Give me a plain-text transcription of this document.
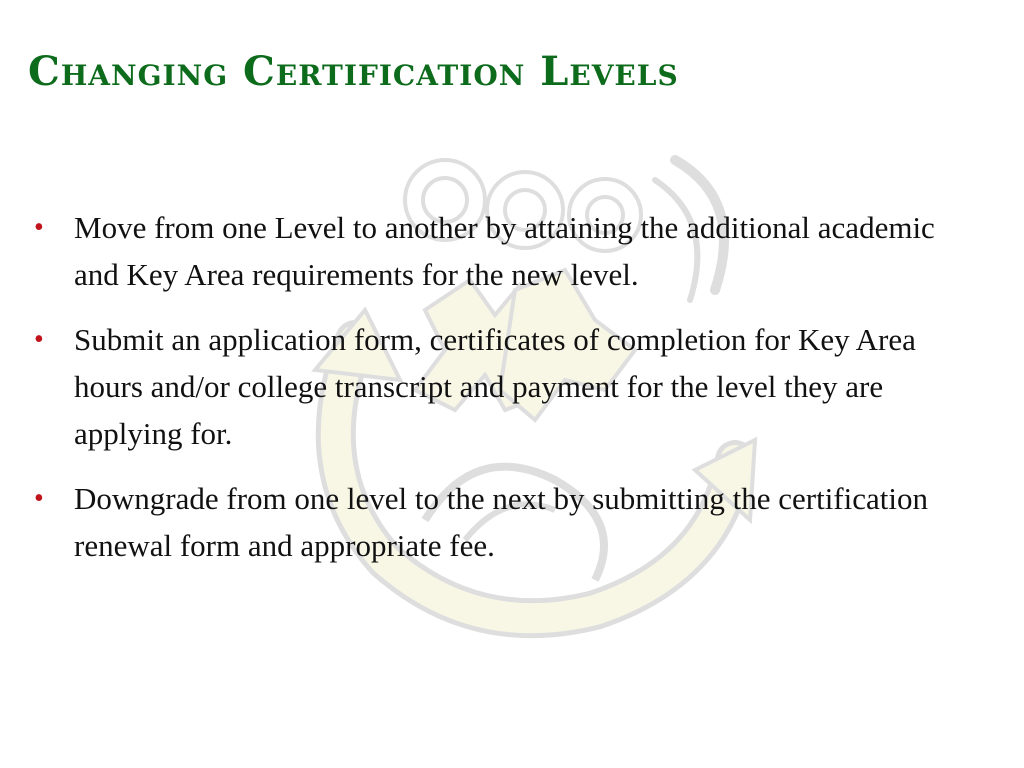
Changing Certification Levels
• Move from one Level to another by attaining the additional academic and Key Area requirements for the new level.
• Submit an application form, certificates of completion for Key Area hours and/or college transcript and payment for the level they are applying for.
• Downgrade from one level to the next by submitting the certification renewal form and appropriate fee.
